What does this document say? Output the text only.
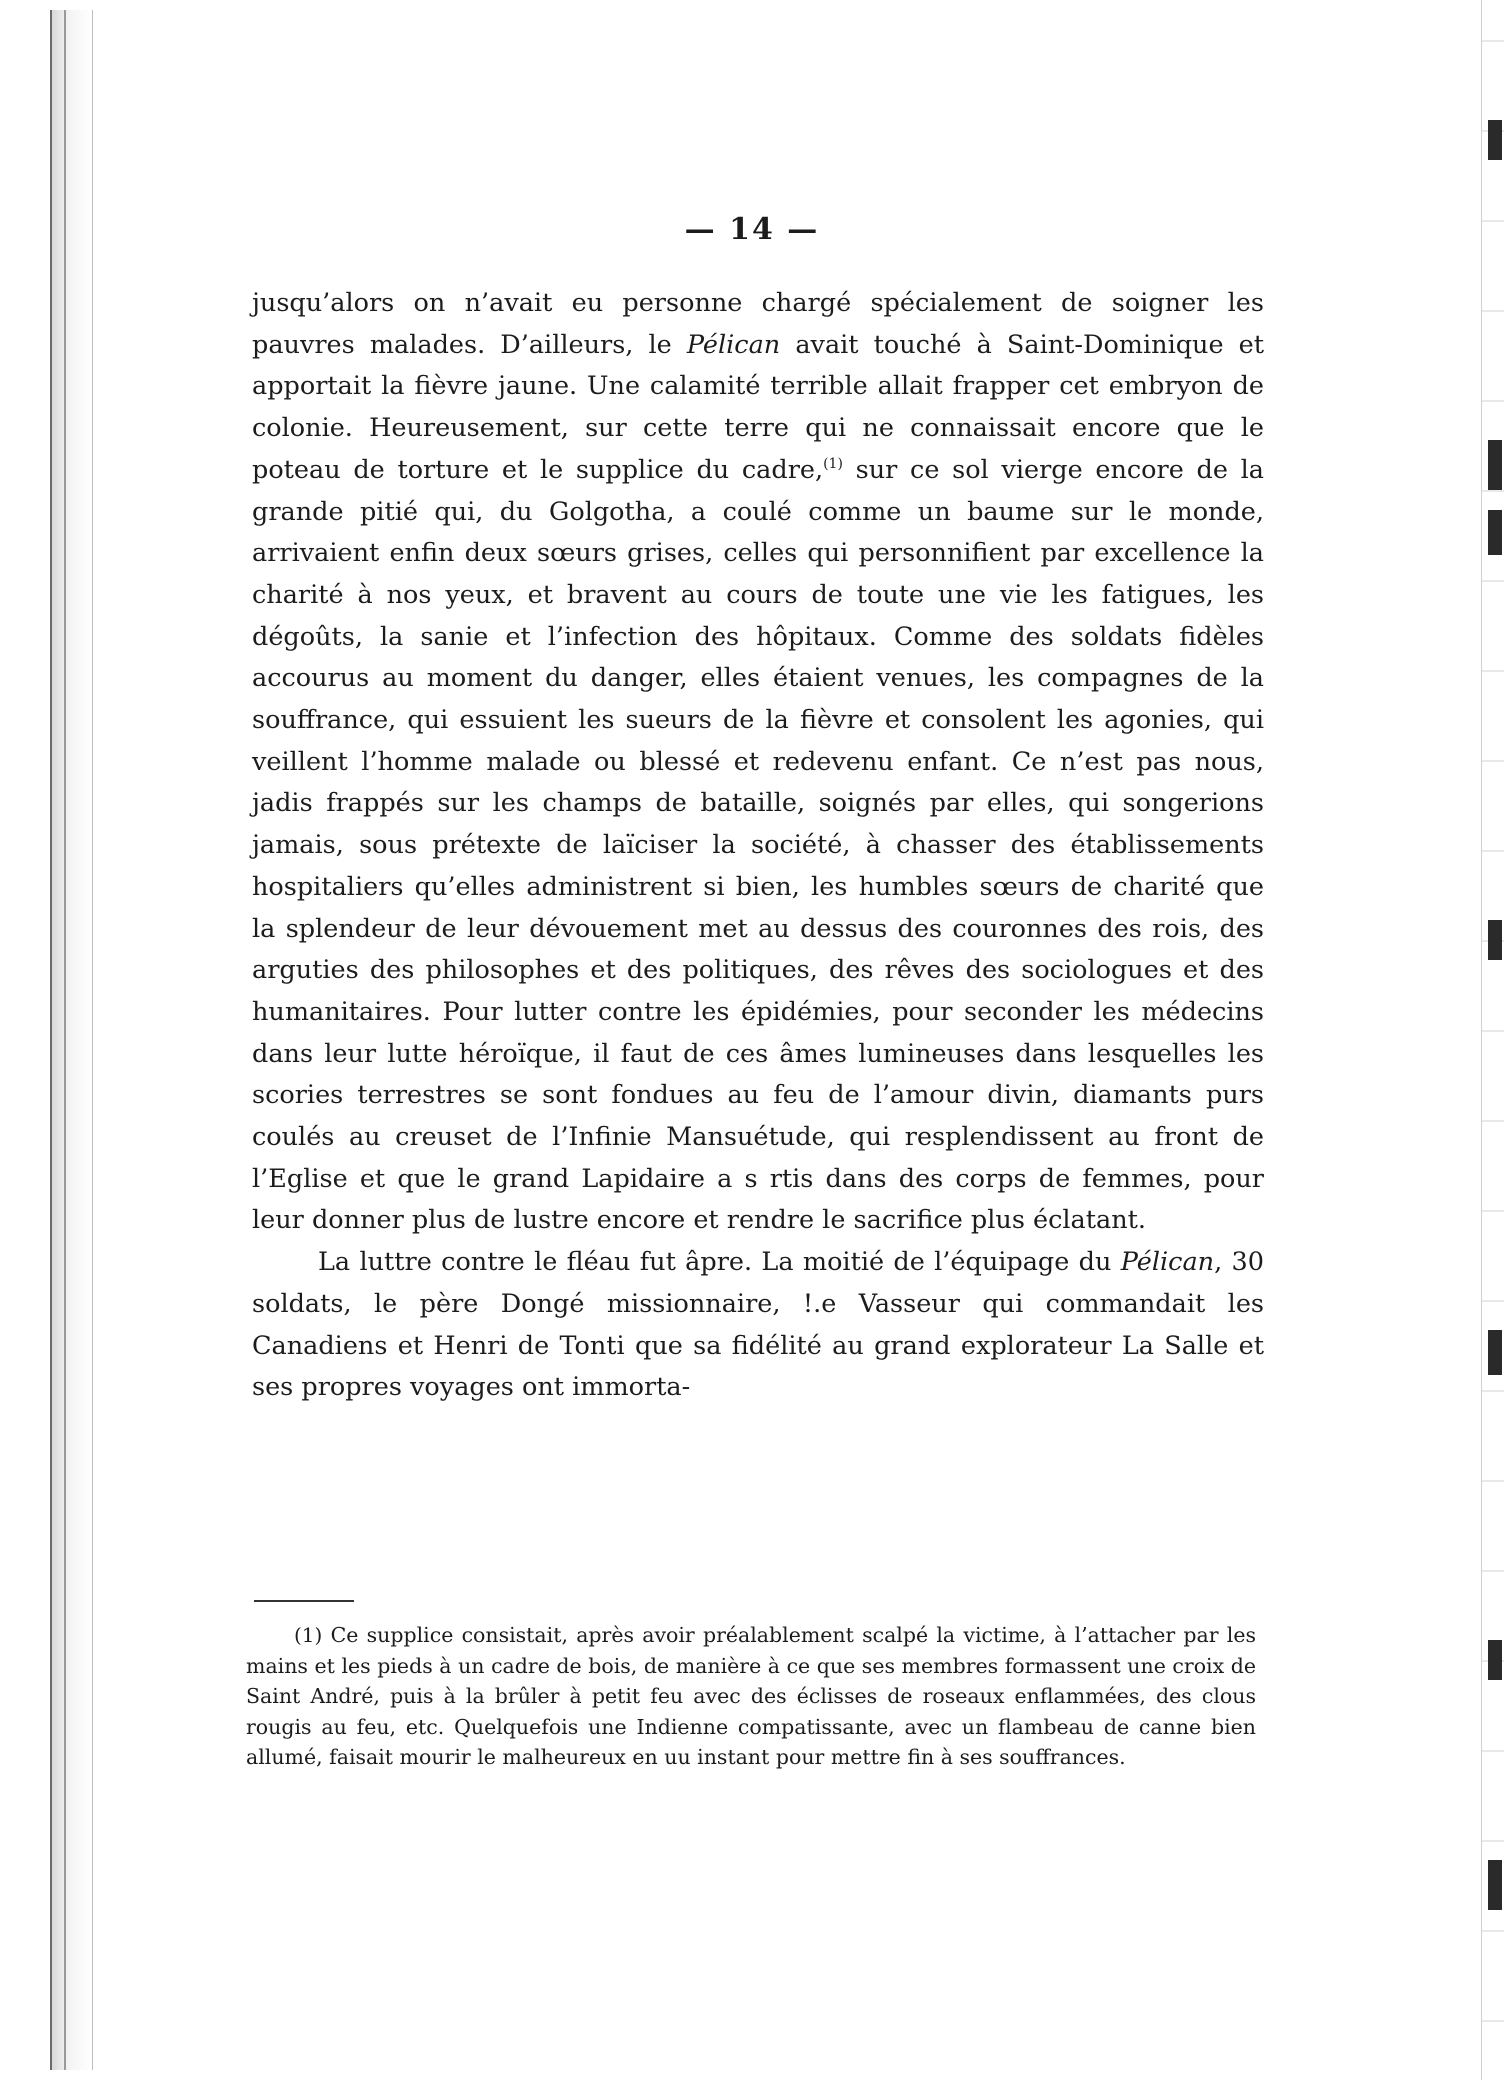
— 14 —

jusqu’alors on n’avait eu personne chargé spécialement de soigner les pauvres malades. D’ailleurs, le Pélican avait touché à Saint-Dominique et apportait la fièvre jaune. Une calamité terrible allait frapper cet embryon de colonie. Heureusement, sur cette terre qui ne connaissait encore que le poteau de torture et le supplice du cadre,$^{(1)}$ sur ce sol vierge encore de la grande pitié qui, du Golgotha, a coulé comme un baume sur le monde, arrivaient enfin deux sœurs grises, celles qui personnifient par excellence la charité à nos yeux, et bravent au cours de toute une vie les fatigues, les dégoûts, la sanie et l’infection des hôpitaux. Comme des soldats fidèles accourus au moment du danger, elles étaient venues, les compagnes de la souffrance, qui essuient les sueurs de la fièvre et consolent les agonies, qui veillent l’homme malade ou blessé et redevenu enfant. Ce n’est pas nous, jadis frappés sur les champs de bataille, soignés par elles, qui songerions jamais, sous prétexte de laïciser la société, à chasser des établissements hospitaliers qu’elles administrent si bien, les humbles sœurs de charité que la splendeur de leur dévouement met au dessus des couronnes des rois, des arguties des philosophes et des politiques, des rêves des sociologues et des humanitaires. Pour lutter contre les épidémies, pour seconder les médecins dans leur lutte héroïque, il faut de ces âmes lumineuses dans lesquelles les scories terrestres se sont fondues au feu de l’amour divin, diamants purs coulés au creuset de l’Infinie Mansuétude, qui resplendissent au front de l’Eglise et que le grand Lapidaire a s rtis dans des corps de femmes, pour leur donner plus de lustre encore et rendre le sacrifice plus éclatant.

La luttre contre le fléau fut âpre. La moitié de l’équipage du Pélican, 30 soldats, le père Dongé missionnaire, !.e Vasseur qui commandait les Canadiens et Henri de Tonti que sa fidélité au grand explorateur La Salle et ses propres voyages ont immorta-

(1) Ce supplice consistait, après avoir préalablement scalpé la victime, à l’attacher par les mains et les pieds à un cadre de bois, de manière à ce que ses membres formassent une croix de Saint André, puis à la brûler à petit feu avec des éclisses de roseaux enflammées, des clous rougis au feu, etc. Quelquefois une Indienne compatissante, avec un flambeau de canne bien allumé, faisait mourir le malheureux en uu instant pour mettre fin à ses souffrances.
